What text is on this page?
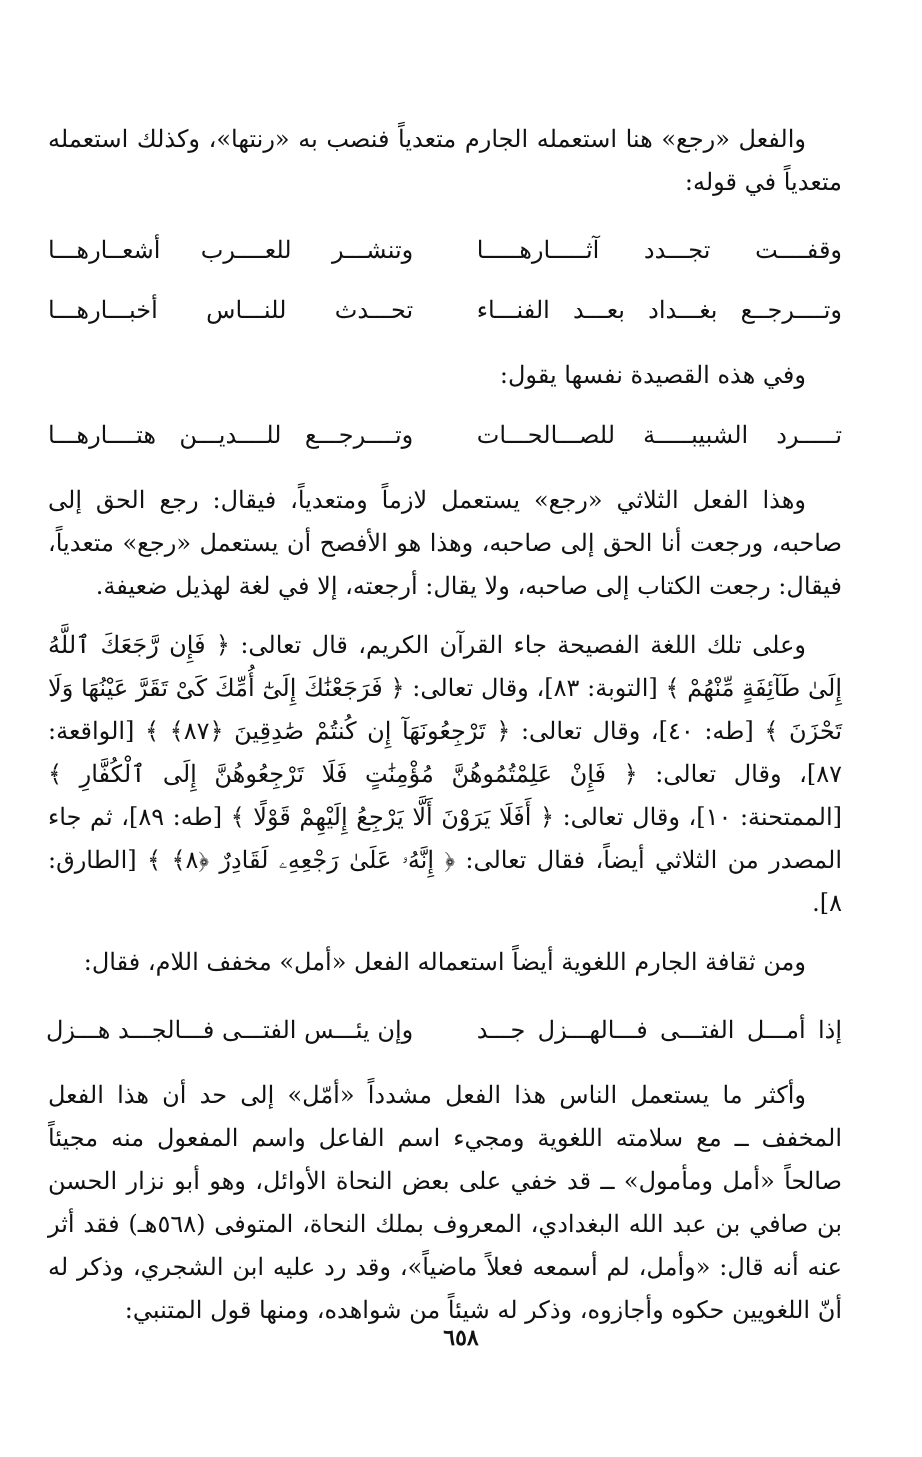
والفعل «رجع» هنا استعمله الجارم متعدياً فنصب به «رنتها»، وكذلك استعمله متعدياً في قوله:

وقفــــت تجـــدد آثـــــارهـــــا
وتنشـــر للعــــرب أشعــارهـــا
وتــــرجــع بغـــداد بعـــد الفنـــاء
تحـــدث للنـــاس أخبـــارهـــا

وفي هذه القصيدة نفسها يقول:

تـــــرد الشبيبـــــة للصـــالحـــات
وتــــرجـــع للــــديـــن هتــــارهـــا

وهذا الفعل الثلاثي «رجع» يستعمل لازماً ومتعدياً، فيقال: رجع الحق إلى صاحبه، ورجعت أنا الحق إلى صاحبه، وهذا هو الأفصح أن يستعمل «رجع» متعدياً، فيقال: رجعت الكتاب إلى صاحبه، ولا يقال: أرجعته، إلا في لغة لهذيل ضعيفة.

وعلى تلك اللغة الفصيحة جاء القرآن الكريم، قال تعالى: ﴿ فَإِن رَّجَعَكَ ٱللَّهُ إِلَىٰ طَآئِفَةٍ مِّنْهُمْ ﴾ [التوبة: ٨٣]، وقال تعالى: ﴿ فَرَجَعْنَٰكَ إِلَىٰٓ أُمِّكَ كَىْ تَقَرَّ عَيْنُهَا وَلَا تَحْزَنَ ﴾ [طه: ٤٠]، وقال تعالى: ﴿ تَرْجِعُونَهَآ إِن كُنتُمْ صَٰدِقِينَ ﴿٨٧﴾ ﴾ [الواقعة: ٨٧]، وقال تعالى: ﴿ فَإِنْ عَلِمْتُمُوهُنَّ مُؤْمِنَٰتٍ فَلَا تَرْجِعُوهُنَّ إِلَى ٱلْكُفَّارِ ﴾ [الممتحنة: ١٠]، وقال تعالى: ﴿ أَفَلَا يَرَوْنَ أَلَّا يَرْجِعُ إِلَيْهِمْ قَوْلًا ﴾ [طه: ٨٩]، ثم جاء المصدر من الثلاثي أيضاً، فقال تعالى: ﴿ إِنَّهُۥ عَلَىٰ رَجْعِهِۦ لَقَادِرٌ ﴿٨﴾ ﴾ [الطارق: ٨].

ومن ثقافة الجارم اللغوية أيضاً استعماله الفعل «أمل» مخفف اللام، فقال:

إذا أمـــل الفتـــى فـــالهـــزل جـــد
وإن يئـــس الفتـــى فـــالجـــد هـــزل

وأكثر ما يستعمل الناس هذا الفعل مشدداً «أمّل» إلى حد أن هذا الفعل المخفف ــ مع سلامته اللغوية ومجيء اسم الفاعل واسم المفعول منه مجيئاً صالحاً «أمل ومأمول» ــ قد خفي على بعض النحاة الأوائل، وهو أبو نزار الحسن بن صافي بن عبد الله البغدادي، المعروف بملك النحاة، المتوفى (٥٦٨هـ) فقد أثر عنه أنه قال: «وأمل، لم أسمعه فعلاً ماضياً»، وقد رد عليه ابن الشجري، وذكر له أنّ اللغويين حكوه وأجازوه، وذكر له شيئاً من شواهده، ومنها قول المتنبي:

٦٥٨
